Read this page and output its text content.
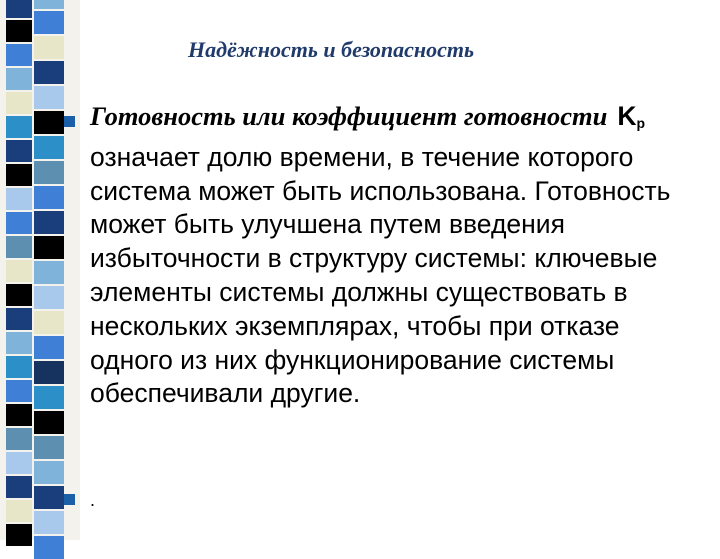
Надёжность и безопасность
Готовность или коэффициент готовности $K_p$ означает долю времени, в течение которого система может быть использована. Готовность может быть улучшена путем введения избыточности в структуру системы: ключевые элементы системы должны существовать в нескольких экземплярах, чтобы при отказе одного из них функционирование системы обеспечивали другие.
.
